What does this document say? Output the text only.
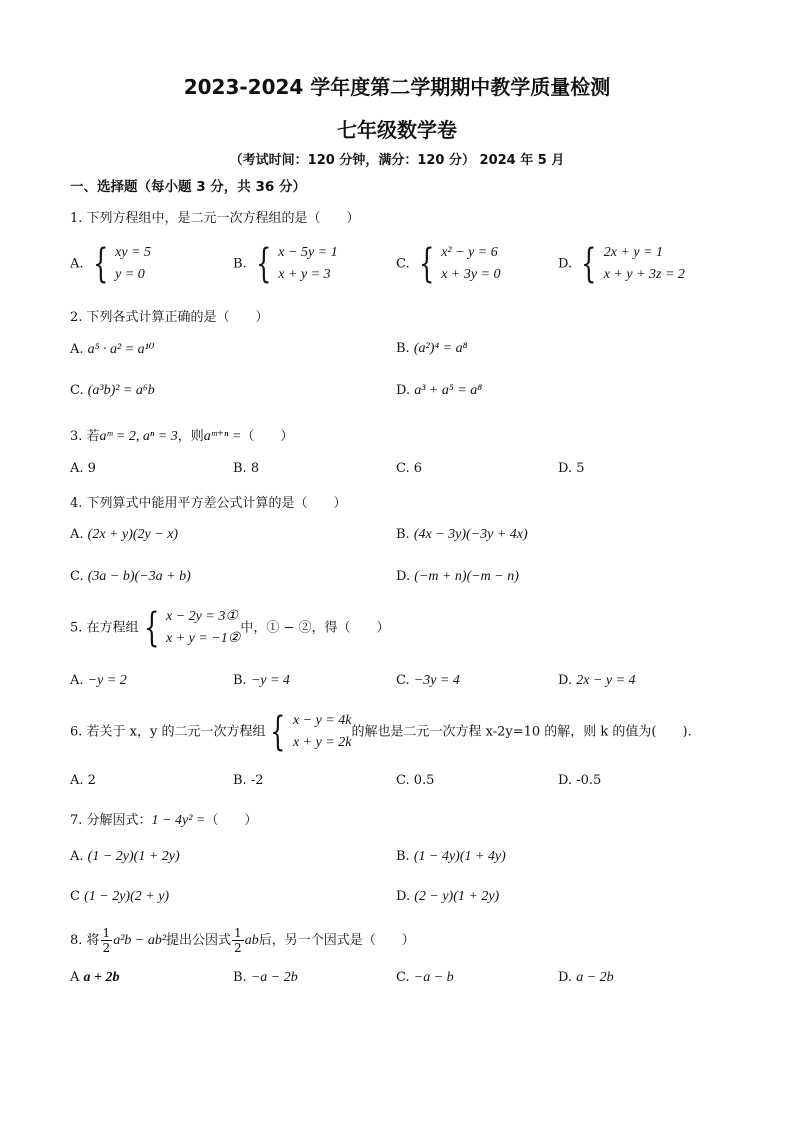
2023-2024 学年度第二学期期中教学质量检测
七年级数学卷
（考试时间：120 分钟，满分：120 分） 2024 年 5 月
一、选择题（每小题 3 分，共 36 分）
1. 下列方程组中，是二元一次方程组的是（　　）
A. { xy = 5
y = 0
B. { x − 5y = 1
x + y = 3
C. { x² − y = 6
x + 3y = 0
D. { 2x + y = 1
x + y + 3z = 2
2. 下列各式计算正确的是（　　）
A. a⁵ · a² = a¹⁰	B. (a²)⁴ = a⁸
C. (a³b)² = a⁶b	D. a³ + a⁵ = a⁸
3. 若aᵐ = 2, aⁿ = 3，则aᵐ⁺ⁿ =（　　）
A. 9	B. 8	C. 6	D. 5
4. 下列算式中能用平方差公式计算的是（　　）
A. (2x + y)(2y − x)	B. (4x − 3y)(−3y + 4x)
C. (3a − b)(−3a + b)	D. (−m + n)(−m − n)
5. 在方程组 { x − 2y = 3①
x + y = −1②
中，① − ②，得（　　）
A. −y = 2	B. −y = 4	C. −3y = 4	D. 2x − y = 4
6. 若关于 x，y 的二元一次方程组 { x − y = 4k
x + y = 2k
的解也是二元一次方程 x-2y=10 的解，则 k 的值为(　　).
A. 2	B. -2	C. 0.5	D. -0.5
7. 分解因式：1 − 4y² =（　　）
A. (1 − 2y)(1 + 2y)	B. (1 − 4y)(1 + 4y)
C (1 − 2y)(2 + y)	D. (2 − y)(1 + 2y)
8. 将 $\frac{1}{2} a^2b - ab^2$提出公因式 $\frac{1}{2}$ ab后，另一个因式是（　　）
A a + 2b	B. −a − 2b	C. −a − b	D. a − 2b
